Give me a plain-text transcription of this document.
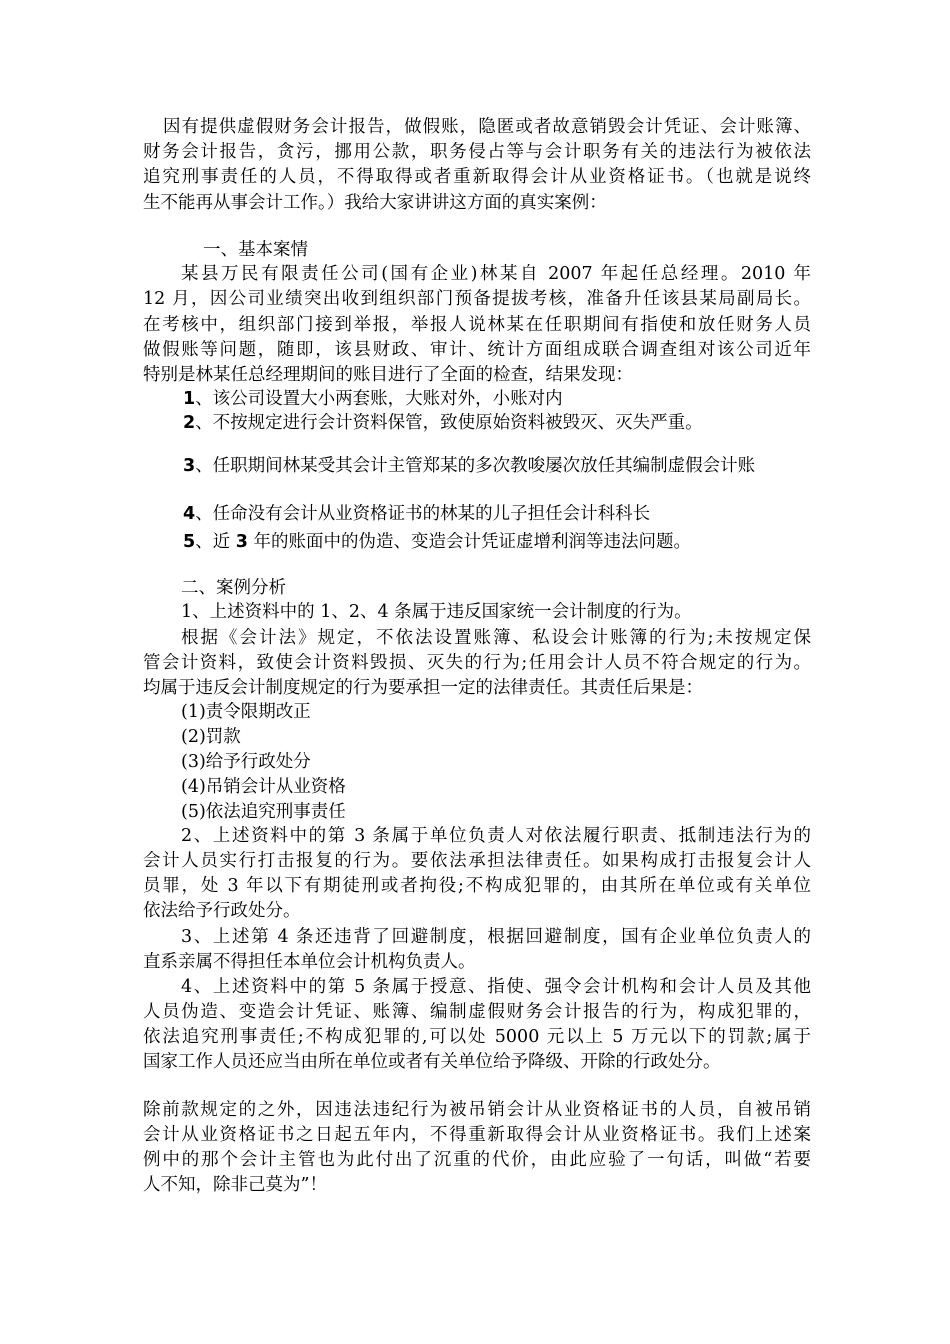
因有提供虚假财务会计报告，做假账，隐匿或者故意销毁会计凭证、会计账簿、
财务会计报告，贪污，挪用公款，职务侵占等与会计职务有关的违法行为被依法
追究刑事责任的人员，不得取得或者重新取得会计从业资格证书。（也就是说终
生不能再从事会计工作。）我给大家讲讲这方面的真实案例：
一、基本案情
某县万民有限责任公司(国有企业)林某自 2007 年起任总经理。2010 年
12 月，因公司业绩突出收到组织部门预备提拔考核，准备升任该县某局副局长。
在考核中，组织部门接到举报，举报人说林某在任职期间有指使和放任财务人员
做假账等问题，随即，该县财政、审计、统计方面组成联合调查组对该公司近年
特别是林某任总经理期间的账目进行了全面的检查，结果发现：
1、该公司设置大小两套账，大账对外，小账对内
2、不按规定进行会计资料保管，致使原始资料被毁灭、灭失严重。
3、任职期间林某受其会计主管郑某的多次教唆屡次放任其编制虚假会计账
4、任命没有会计从业资格证书的林某的儿子担任会计科科长
5、近 3 年的账面中的伪造、变造会计凭证虚增利润等违法问题。
二、案例分析
1、上述资料中的 1、2、4 条属于违反国家统一会计制度的行为。
根据《会计法》规定，不依法设置账簿、私设会计账簿的行为;未按规定保
管会计资料，致使会计资料毁损、灭失的行为;任用会计人员不符合规定的行为。
均属于违反会计制度规定的行为要承担一定的法律责任。其责任后果是：
(1)责令限期改正
(2)罚款
(3)给予行政处分
(4)吊销会计从业资格
(5)依法追究刑事责任
2、上述资料中的第 3 条属于单位负责人对依法履行职责、抵制违法行为的
会计人员实行打击报复的行为。要依法承担法律责任。如果构成打击报复会计人
员罪，处 3 年以下有期徒刑或者拘役;不构成犯罪的，由其所在单位或有关单位
依法给予行政处分。
3、上述第 4 条还违背了回避制度，根据回避制度，国有企业单位负责人的
直系亲属不得担任本单位会计机构负责人。
4、上述资料中的第 5 条属于授意、指使、强令会计机构和会计人员及其他
人员伪造、变造会计凭证、账簿、编制虚假财务会计报告的行为，构成犯罪的，
依法追究刑事责任;不构成犯罪的,可以处 5000 元以上 5 万元以下的罚款;属于
国家工作人员还应当由所在单位或者有关单位给予降级、开除的行政处分。
除前款规定的之外，因违法违纪行为被吊销会计从业资格证书的人员，自被吊销
会计从业资格证书之日起五年内，不得重新取得会计从业资格证书。我们上述案
例中的那个会计主管也为此付出了沉重的代价，由此应验了一句话，叫做“若要
人不知，除非己莫为”！
